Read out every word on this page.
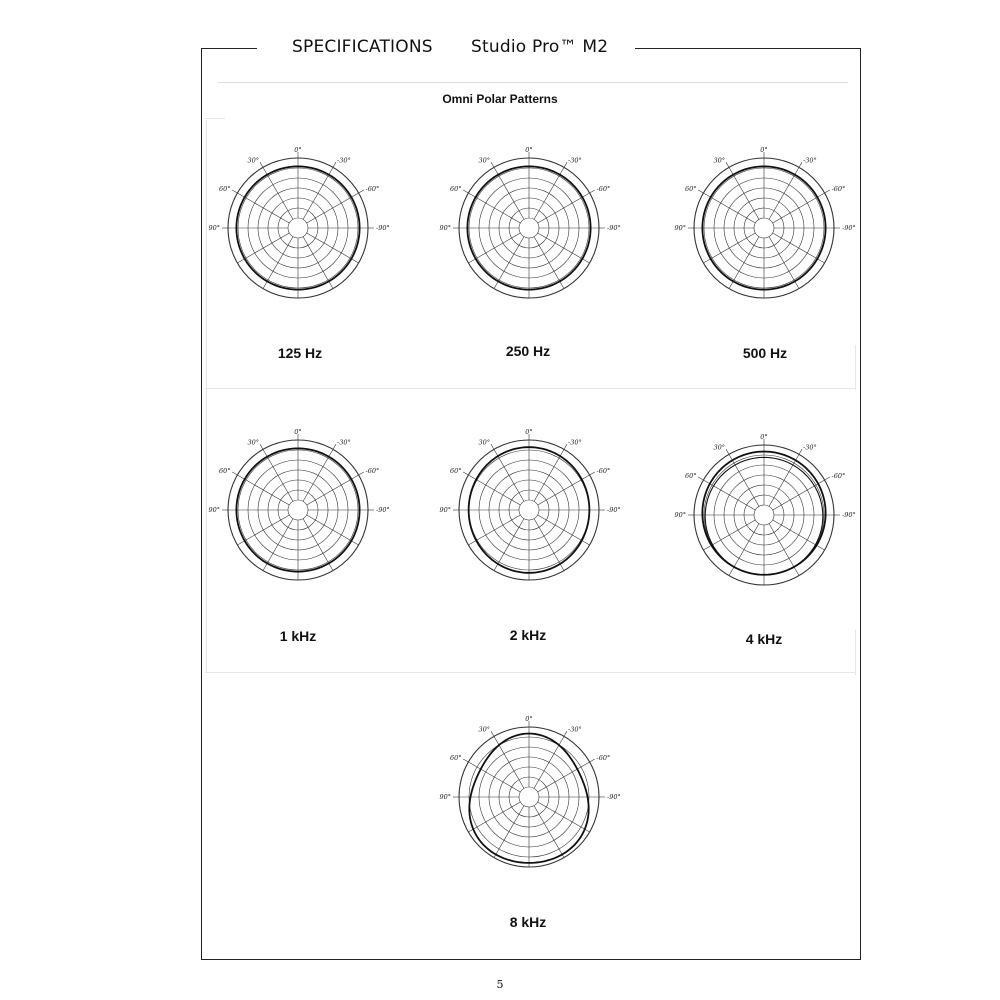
SPECIFICATIONS Studio Pro™ M2
Omni Polar Patterns
0°
30°	-30°
60°	-60°
90°	-90°
0°
30°	-30°
60°	-60°
90°	-90°
0°
30°	-30°
60°	-60°
90°	-90°
0°
30°	-30°
60°	-60°
90°	-90°
0°
30°	-30°
60°	-60°
90°	-90°
0°
30°	-30°
60°	-60°
90°	-90°
0°
30°	-30°
60°	-60°
90°	-90°
125 Hz	250 Hz	500 Hz
1 kHz	2 kHz	4 kHz
8 kHz
5
